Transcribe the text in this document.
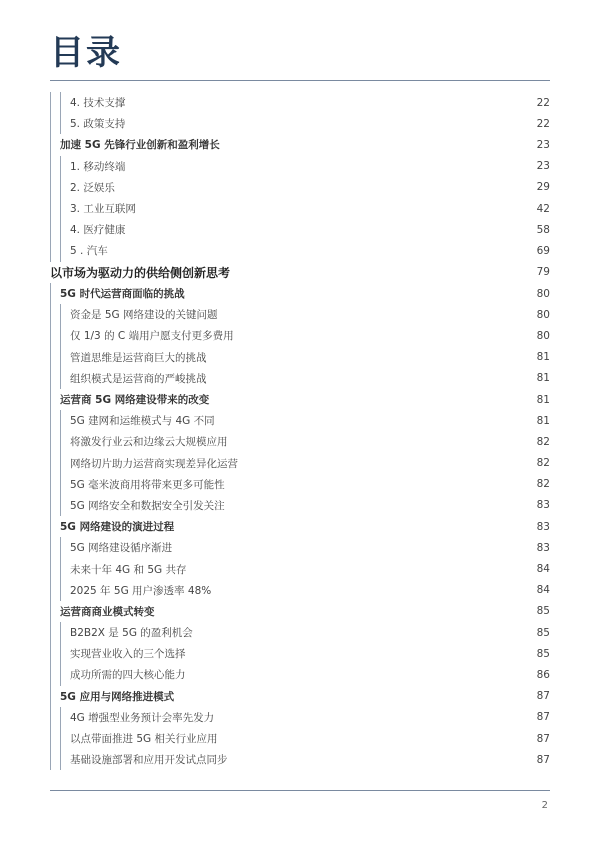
目录
4. 技术支撑	22
5. 政策支持	22
加速 5G 先锋行业创新和盈利增长	23
1. 移动终端	23
2. 泛娱乐	29
3. 工业互联网	42
4. 医疗健康	58
5 . 汽车	69
以市场为驱动力的供给侧创新思考	79
5G 时代运营商面临的挑战	80
资金是 5G 网络建设的关键问题	80
仅 1/3 的 C 端用户愿支付更多费用	80
管道思维是运营商巨大的挑战	81
组织模式是运营商的严峻挑战	81
运营商 5G 网络建设带来的改变	81
5G 建网和运维模式与 4G 不同	81
将激发行业云和边缘云大规模应用	82
网络切片助力运营商实现差异化运营	82
5G 毫米波商用将带来更多可能性	82
5G 网络安全和数据安全引发关注	83
5G 网络建设的演进过程	83
5G 网络建设循序渐进	83
未来十年 4G 和 5G 共存	84
2025 年 5G 用户渗透率 48%	84
运营商商业模式转变	85
B2B2X 是 5G 的盈利机会	85
实现营业收入的三个选择	85
成功所需的四大核心能力	86
5G 应用与网络推进模式	87
4G 增强型业务预计会率先发力	87
以点带面推进 5G 相关行业应用	87
基础设施部署和应用开发试点同步	87
2
